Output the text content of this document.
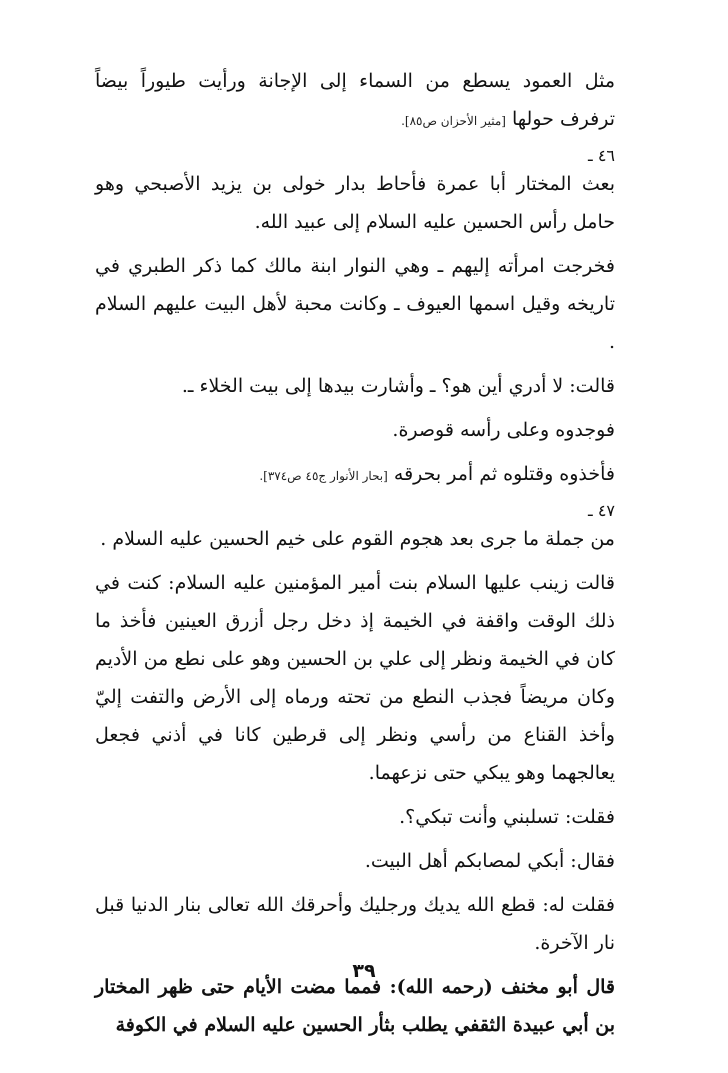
مثل العمود يسطع من السماء إلى الإجانة ورأيت طيوراً بيضاً ترفرف حولها [مثير الأحزان ص٨٥].

٤٦ ـ

بعث المختار أبا عمرة فأحاط بدار خولى بن يزيد الأصبحي وهو حامل رأس الحسين عليه السلام إلى عبيد الله.

فخرجت امرأته إليهم ـ وهي النوار ابنة مالك كما ذكر الطبري في تاريخه وقيل اسمها العيوف ـ وكانت محبة لأهل البيت عليهم السلام .

قالت: لا أدري أين هو؟ ـ وأشارت بيدها إلى بيت الخلاء ـ.

فوجدوه وعلى رأسه قوصرة.

فأخذوه وقتلوه ثم أمر بحرقه [بحار الأنوار ج٤٥ ص٣٧٤].

٤٧ ـ

من جملة ما جرى بعد هجوم القوم على خيم الحسين عليه السلام .

قالت زينب عليها السلام بنت أمير المؤمنين عليه السلام: كنت في ذلك الوقت واقفة في الخيمة إذ دخل رجل أزرق العينين فأخذ ما كان في الخيمة ونظر إلى علي بن الحسين وهو على نطع من الأديم وكان مريضاً فجذب النطع من تحته ورماه إلى الأرض والتفت إليّ وأخذ القناع من رأسي ونظر إلى قرطين كانا في أذني فجعل يعالجهما وهو يبكي حتى نزعهما.

فقلت: تسلبني وأنت تبكي؟.

فقال: أبكي لمصابكم أهل البيت.

فقلت له: قطع الله يديك ورجليك وأحرقك الله تعالى بنار الدنيا قبل نار الآخرة.

قال أبو مخنف (رحمه الله): فمما مضت الأيام حتى ظهر المختار بن أبي عبيدة الثقفي يطلب بثأر الحسين عليه السلام في الكوفة

٣٩
